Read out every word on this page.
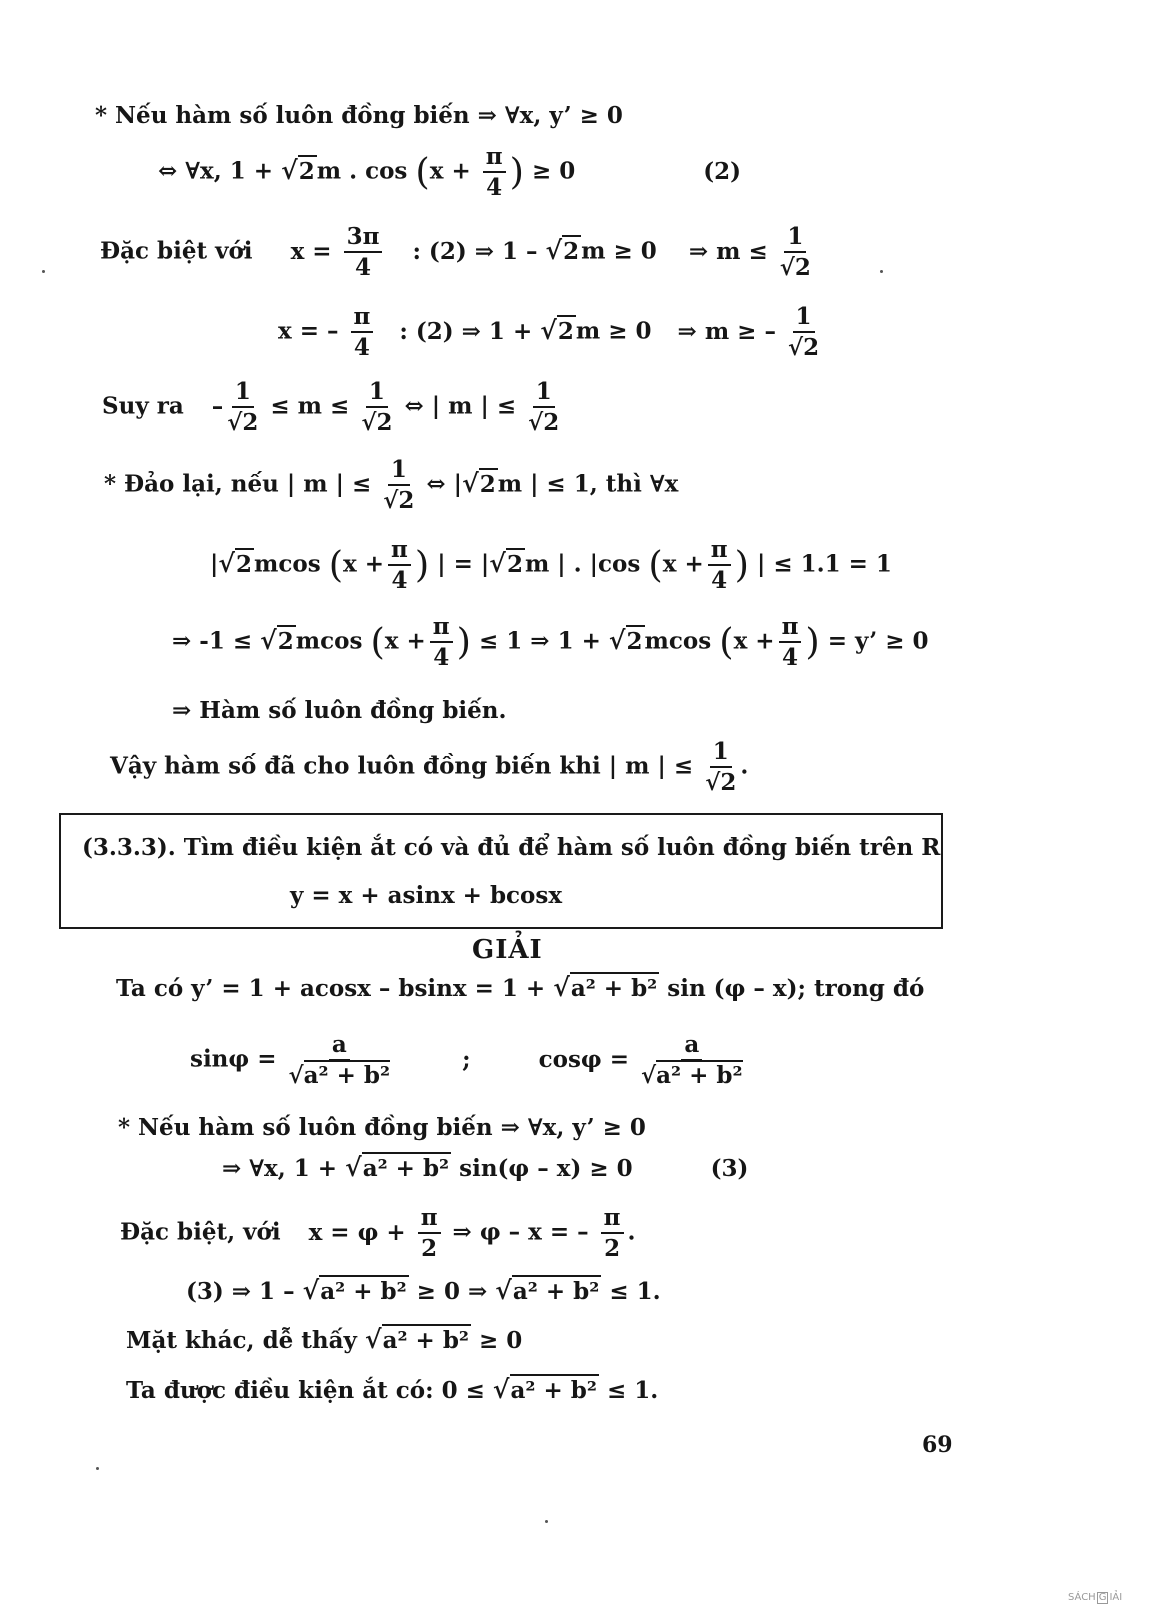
* Nếu hàm số luôn đồng biến ⇒ ∀x, y’ ≥ 0
⇔ ∀x, 1 + √2m . $\cos (x + \frac{\pi}{4}$ ) ≥ 0	(2)
Đặc biệt với $x = \frac{3\pi}{4}$ : (2) ⇒ 1 – √2m ≥ 0 ⇒ $m \le \frac{1}{√2}$
x = – $\frac{\pi}{4}$ : (2) ⇒ 1 + √2m ≥ 0 ⇒ m ≥ – $\frac{1}{√2}$
Suy ra – $\frac{1}{√2} \le m \le \frac{1}{√2}$ ⇔ | m | ≤ $\frac{1}{√2}$
* Đảo lại, nếu | m | ≤ $\frac{1}{√2}$ ⇔ |√2m | ≤ 1, thì ∀x
|√2mcos ($x + \frac{\pi}{4}$ ) | = |√2m | . |cos ($x + \frac{\pi}{4}$ ) | ≤ 1.1 = 1
⇒ -1 ≤ √2mcos ($x + \frac{\pi}{4}$ ) ≤ 1 ⇒ 1 + √2mcos ($x + \frac{\pi}{4}$ ) = y’ ≥ 0
⇒ Hàm số luôn đồng biến.
Vậy hàm số đã cho luôn đồng biến khi | m | ≤ $\frac{1}{√2}$ .
(3.3.3). Tìm điều kiện ắt có và đủ để hàm số luôn đồng biến trên R
y = x + asinx + bcosx
GIẢI
Ta có y’ = 1 + acosx – bsinx = 1 + √a² + b² sin (φ – x); trong đó
$\sin\varphi = \frac{a}{\text{√a² + b²}}$	;	$\cos\varphi = \frac{a}{\text{√a² + b²}}$
* Nếu hàm số luôn đồng biến ⇒ ∀x, y’ ≥ 0
⇒ ∀x, 1 + √a² + b² sin(φ – x) ≥ 0	(3)
Đặc biệt, với $x = \varphi + \frac{\pi}{2}$ ⇒ φ – x = – $\frac{\pi}{2}$ .
(3) ⇒ 1 – √a² + b² ≥ 0 ⇒ √a² + b² ≤ 1.
Mặt khác, dễ thấy √a² + b² ≥ 0
Ta được điều kiện ắt có: 0 ≤ √a² + b² ≤ 1.
69
SÁCH G IẢI
